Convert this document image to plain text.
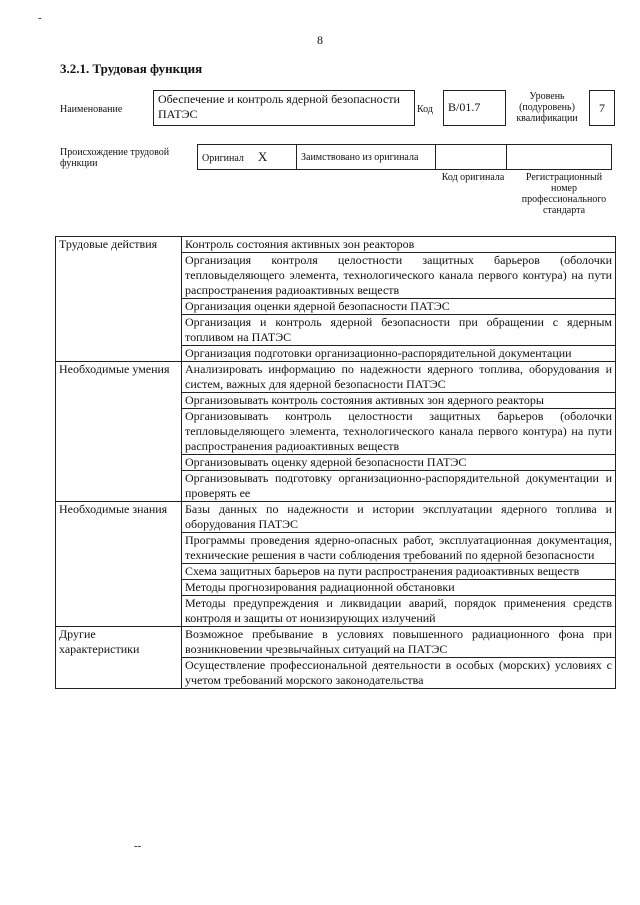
8
3.2.1. Трудовая функция
Наименование
Обеспечение и контроль ядерной безопасности ПАТЭС	Код	B/01.7
Уровень (подуровень) квалификации
7
Происхождение трудовой функции	Оригинал X	Заимствовано из оригинала		
Код оригинала	Регистрационный номер профессионального стандарта
Трудовые действия	Контроль состояния активных зон реакторов
	Организация контроля целостности защитных барьеров (оболочки тепловыделяющего элемента, технологического канала первого контура) на пути распространения радиоактивных веществ
	Организация оценки ядерной безопасности ПАТЭС
	Организация и контроль ядерной безопасности при обращении с ядерным топливом на ПАТЭС
	Организация подготовки организационно-распорядительной документации
Необходимые умения	Анализировать информацию по надежности ядерного топлива, оборудования и систем, важных для ядерной безопасности ПАТЭС
	Организовывать контроль состояния активных зон ядерного реакторы
	Организовывать контроль целостности защитных барьеров (оболочки тепловыделяющего элемента, технологического канала первого контура) на пути распространения радиоактивных веществ
	Организовывать оценку ядерной безопасности ПАТЭС
	Организовывать подготовку организационно-распорядительной документации и проверять ее
Необходимые знания	Базы данных по надежности и истории эксплуатации ядерного топлива и оборудования ПАТЭС
	Программы проведения ядерно-опасных работ, эксплуатационная документация, технические решения в части соблюдения требований по ядерной безопасности
	Схема защитных барьеров на пути распространения радиоактивных веществ
	Методы прогнозирования радиационной обстановки
	Методы предупреждения и ликвидации аварий, порядок применения средств контроля и защиты от ионизирующих излучений
Другие характеристики	Возможное пребывание в условиях повышенного радиационного фона при возникновении чрезвычайных ситуаций на ПАТЭС
	Осуществление профессиональной деятельности в особых (морских) условиях с учетом требований морского законодательства
-
--
